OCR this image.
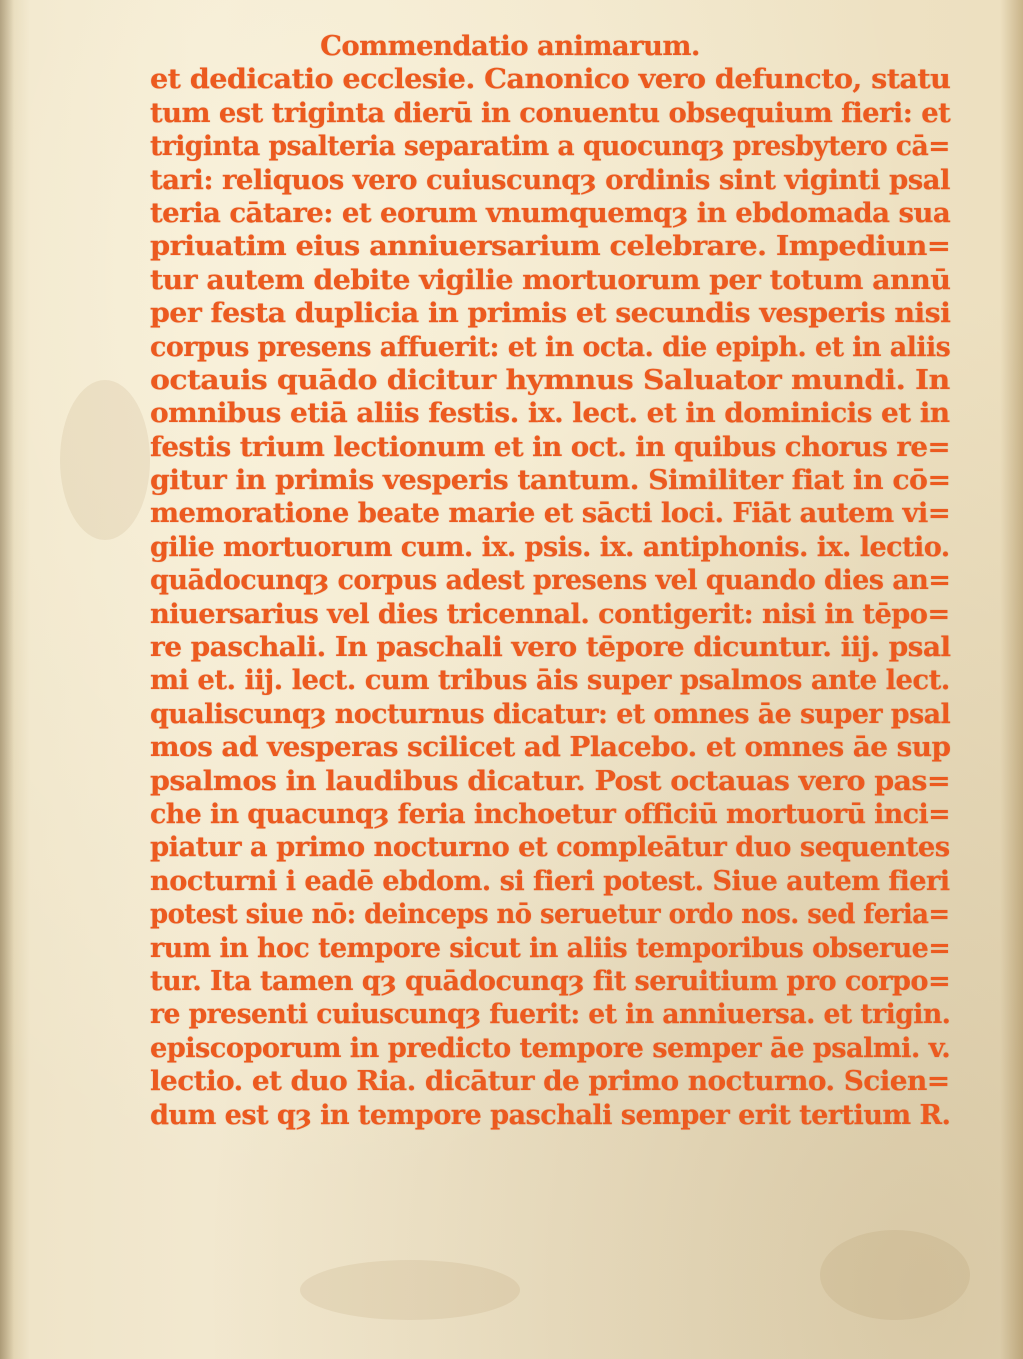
Commendatio animarum.
et dedicatio ecclesie. Canonico vero defuncto, statu
tum est triginta dierū in conuentu obsequium fieri: et
triginta psalteria separatim a quocunqȝ presbytero cā=
tari: reliquos vero cuiuscunqȝ ordinis sint viginti psal
teria cātare: et eorum vnumquemqȝ in ebdomada sua
priuatim eius anniuersarium celebrare. Impediun=
tur autem debite vigilie mortuorum per totum annū
per festa duplicia in primis et secundis vesperis nisi
corpus presens affuerit: et in octa. die epiph. et in aliis
octauis quādo dicitur hymnus Saluator mundi. In
omnibus etiā aliis festis. ix. lect. et in dominicis et in
festis trium lectionum et in oct. in quibus chorus re=
gitur in primis vesperis tantum. Similiter fiat in cō=
memoratione beate marie et sācti loci. Fiāt autem vi=
gilie mortuorum cum. ix. psis. ix. antiphonis. ix. lectio.
quādocunqȝ corpus adest presens vel quando dies an=
niuersarius vel dies tricennal. contigerit: nisi in tēpo=
re paschali. In paschali vero tēpore dicuntur. iij. psal
mi et. iij. lect. cum tribus āis super psalmos ante lect.
qualiscunqȝ nocturnus dicatur: et omnes āe super psal
mos ad vesperas scilicet ad Placebo. et omnes āe sup
psalmos in laudibus dicatur. Post octauas vero pas=
che in quacunqȝ feria inchoetur officiū mortuorū inci=
piatur a primo nocturno et compleātur duo sequentes
nocturni i eadē ebdom. si fieri potest. Siue autem fieri
potest siue nō: deinceps nō seruetur ordo nos. sed feria=
rum in hoc tempore sicut in aliis temporibus obserue=
tur. Ita tamen qȝ quādocunqȝ fit seruitium pro corpo=
re presenti cuiuscunqȝ fuerit: et in anniuersa. et trigin.
episcoporum in predicto tempore semper āe psalmi. v.
lectio. et duo Ria. dicātur de primo nocturno. Scien=
dum est qȝ in tempore paschali semper erit tertium R.
